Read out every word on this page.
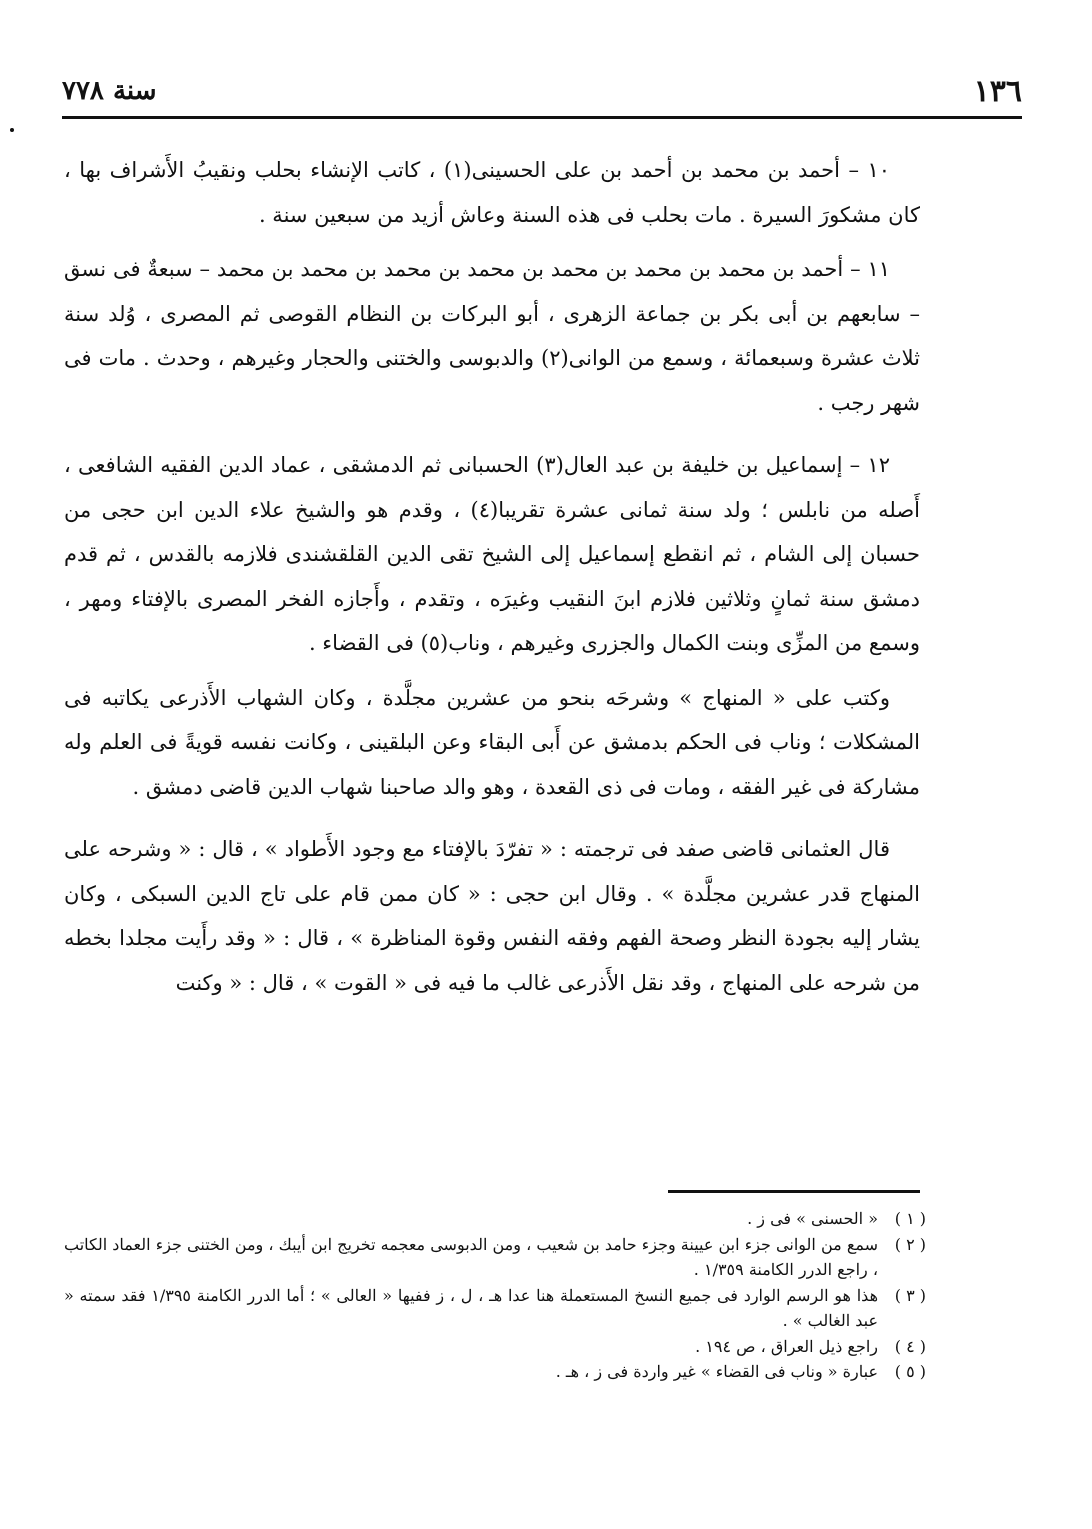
١٣٦
سنة ٧٧٨

١٠ – أحمد بن محمد بن أحمد بن على الحسينى(١) ، كاتب الإنشاء بحلب ونقيبُ الأَشراف بها ، كان مشكورَ السيرة . مات بحلب فى هذه السنة وعاش أزيد من سبعين سنة .

١١ – أحمد بن محمد بن محمد بن محمد بن محمد بن محمد بن محمد بن محمد – سبعةٌ فى نسق – سابعهم بن أبى بكر بن جماعة الزهرى ، أبو البركات بن النظام القوصى ثم المصرى ، وُلد سنة ثلاث عشرة وسبعمائة ، وسمع من الوانى(٢) والدبوسى والختنى والحجار وغيرهم ، وحدث . مات فى شهر رجب .

١٢ – إسماعيل بن خليفة بن عبد العال(٣) الحسبانى ثم الدمشقى ، عماد الدين الفقيه الشافعى ، أَصله من نابلس ؛ ولد سنة ثمانى عشرة تقريبا(٤) ، وقدم هو والشيخ علاء الدين ابن حجى من حسبان إلى الشام ، ثم انقطع إسماعيل إلى الشيخ تقى الدين القلقشندى فلازمه بالقدس ، ثم قدم دمشق سنة ثمانٍ وثلاثين فلازم ابنَ النقيب وغيرَه ، وتقدم ، وأَجازه الفخر المصرى بالإفتاء ومهر ، وسمع من المزِّى وبنت الكمال والجزرى وغيرهم ، وناب(٥) فى القضاء .

وكتب على « المنهاج » وشرحَه بنحو من عشرين مجلَّدة ، وكان الشهاب الأَذرعى يكاتبه فى المشكلات ؛ وناب فى الحكم بدمشق عن أَبى البقاء وعن البلقينى ، وكانت نفسه قويةً فى العلم وله مشاركة فى غير الفقه ، ومات فى ذى القعدة ، وهو والد صاحبنا شهاب الدين قاضى دمشق .

قال العثمانى قاضى صفد فى ترجمته : « تفرّدَ بالإفتاء مع وجود الأَطواد » ، قال : « وشرحه على المنهاج قدر عشرين مجلَّدة » . وقال ابن حجى : « كان ممن قام على تاج الدين السبكى ، وكان يشار إليه بجودة النظر وصحة الفهم وفقه النفس وقوة المناظرة » ، قال : « وقد رأَيت مجلدا بخطه من شرحه على المنهاج ، وقد نقل الأَذرعى غالب ما فيه فى « القوت » ، قال : « وكنت

( ١ )
« الحسنى » فى ز .
( ٢ )
سمع من الوانى جزء ابن عيينة وجزء حامد بن شعيب ، ومن الدبوسى معجمه تخريج ابن أيبك ، ومن الختنى جزء العماد الكاتب ، راجع الدرر الكامنة ١/٣٥٩ .
( ٣ )
هذا هو الرسم الوارد فى جميع النسخ المستعملة هنا عدا هـ ، ل ، ز ففيها « العالى » ؛ أما الدرر الكامنة ١/٣٩٥ فقد سمته « عبد الغالب » .
( ٤ )
راجع ذيل العراق ، ص ١٩٤ .
( ٥ )
عبارة « وناب فى القضاء » غير واردة فى ز ، هـ .
